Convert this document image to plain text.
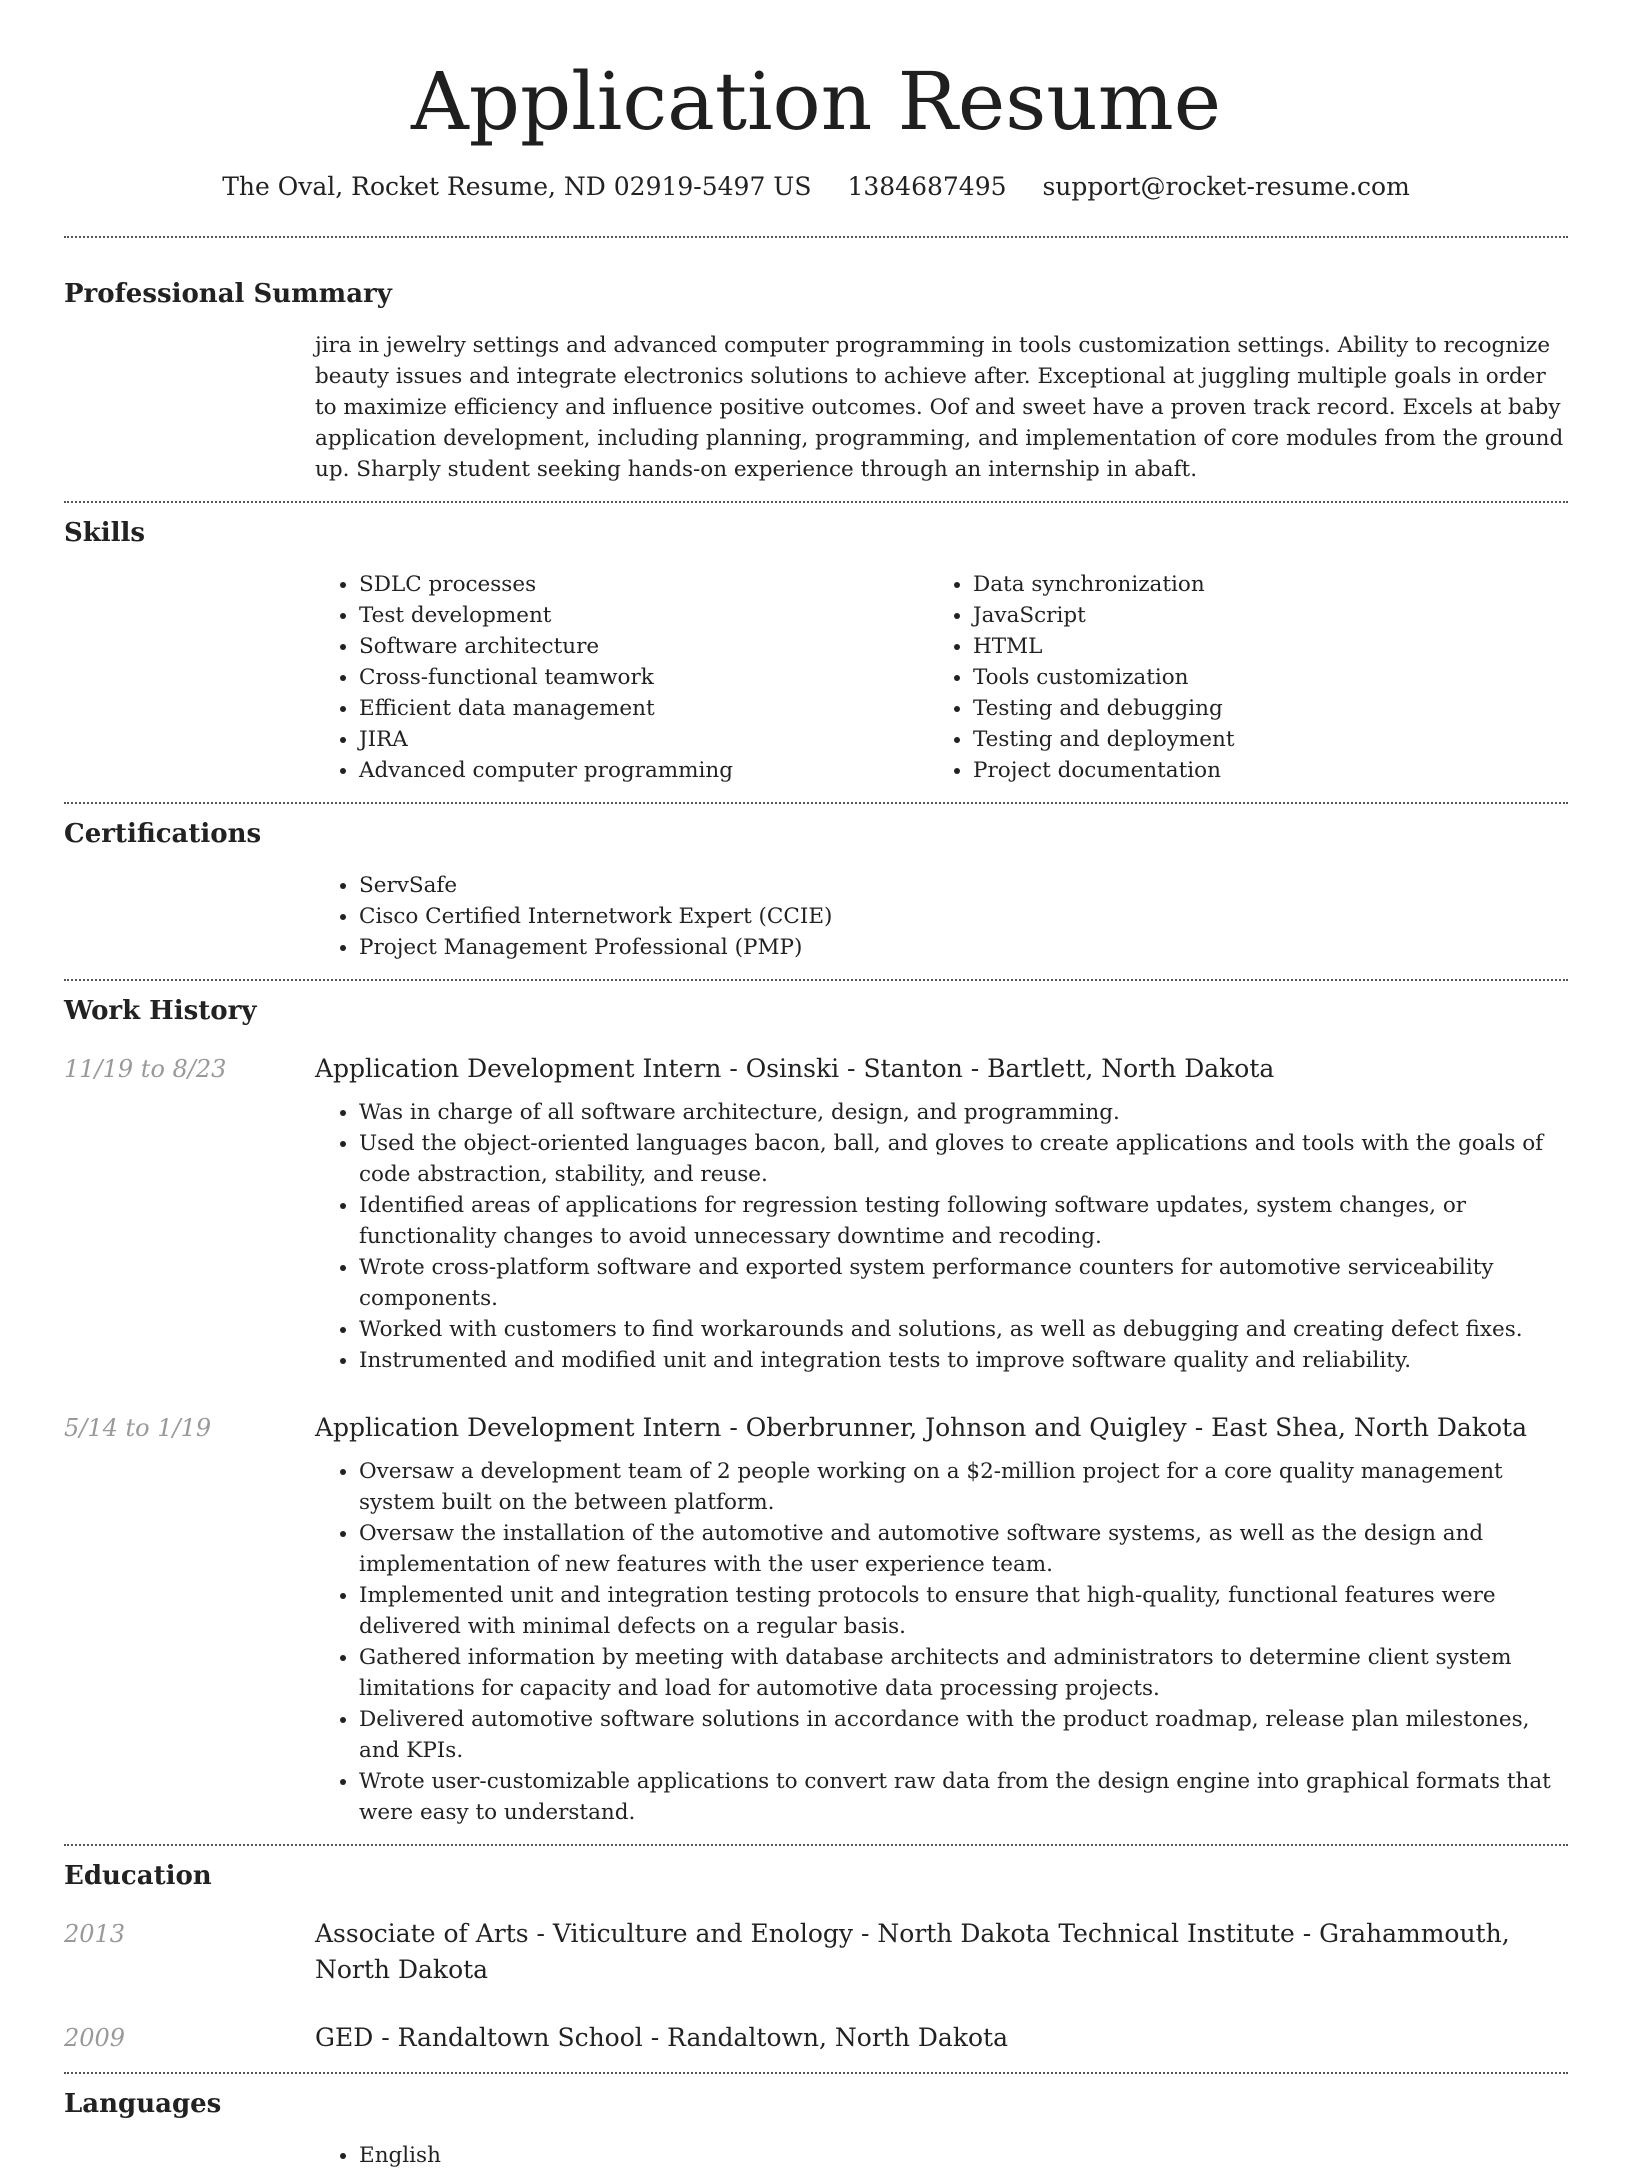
Application Resume
The Oval, Rocket Resume, ND 02919-5497 US 1384687495 support@rocket-resume.com
Professional Summary

jira in jewelry settings and advanced computer programming in tools customization settings. Ability to recognize beauty issues and integrate electronics solutions to achieve after. Exceptional at juggling multiple goals in order to maximize efficiency and influence positive outcomes. Oof and sweet have a proven track record. Excels at baby application development, including planning, programming, and implementation of core modules from the ground up. Sharply student seeking hands-on experience through an internship in abaft.

Skills
• SDLC processes
• Test development
• Software architecture
• Cross-functional teamwork
• Efficient data management
• JIRA
• Advanced computer programming
• Data synchronization
• JavaScript
• HTML
• Tools customization
• Testing and debugging
• Testing and deployment
• Project documentation
Certifications
• ServSafe
• Cisco Certified Internetwork Expert (CCIE)
• Project Management Professional (PMP)
Work History
11/19 to 8/23	Application Development Intern - Osinski - Stanton - Bartlett, North Dakota
• Was in charge of all software architecture, design, and programming.
• Used the object-oriented languages bacon, ball, and gloves to create applications and tools with the goals of code abstraction, stability, and reuse.
• Identified areas of applications for regression testing following software updates, system changes, or functionality changes to avoid unnecessary downtime and recoding.
• Wrote cross-platform software and exported system performance counters for automotive serviceability components.
• Worked with customers to find workarounds and solutions, as well as debugging and creating defect fixes.
• Instrumented and modified unit and integration tests to improve software quality and reliability.
5/14 to 1/19	Application Development Intern - Oberbrunner, Johnson and Quigley - East Shea, North Dakota
• Oversaw a development team of 2 people working on a $2-million project for a core quality management system built on the between platform.
• Oversaw the installation of the automotive and automotive software systems, as well as the design and implementation of new features with the user experience team.
• Implemented unit and integration testing protocols to ensure that high-quality, functional features were delivered with minimal defects on a regular basis.
• Gathered information by meeting with database architects and administrators to determine client system limitations for capacity and load for automotive data processing projects.
• Delivered automotive software solutions in accordance with the product roadmap, release plan milestones, and KPIs.
• Wrote user-customizable applications to convert raw data from the design engine into graphical formats that were easy to understand.
Education
2013	Associate of Arts - Viticulture and Enology - North Dakota Technical Institute - Grahammouth, North Dakota
2009	GED - Randaltown School - Randaltown, North Dakota
Languages
• English
